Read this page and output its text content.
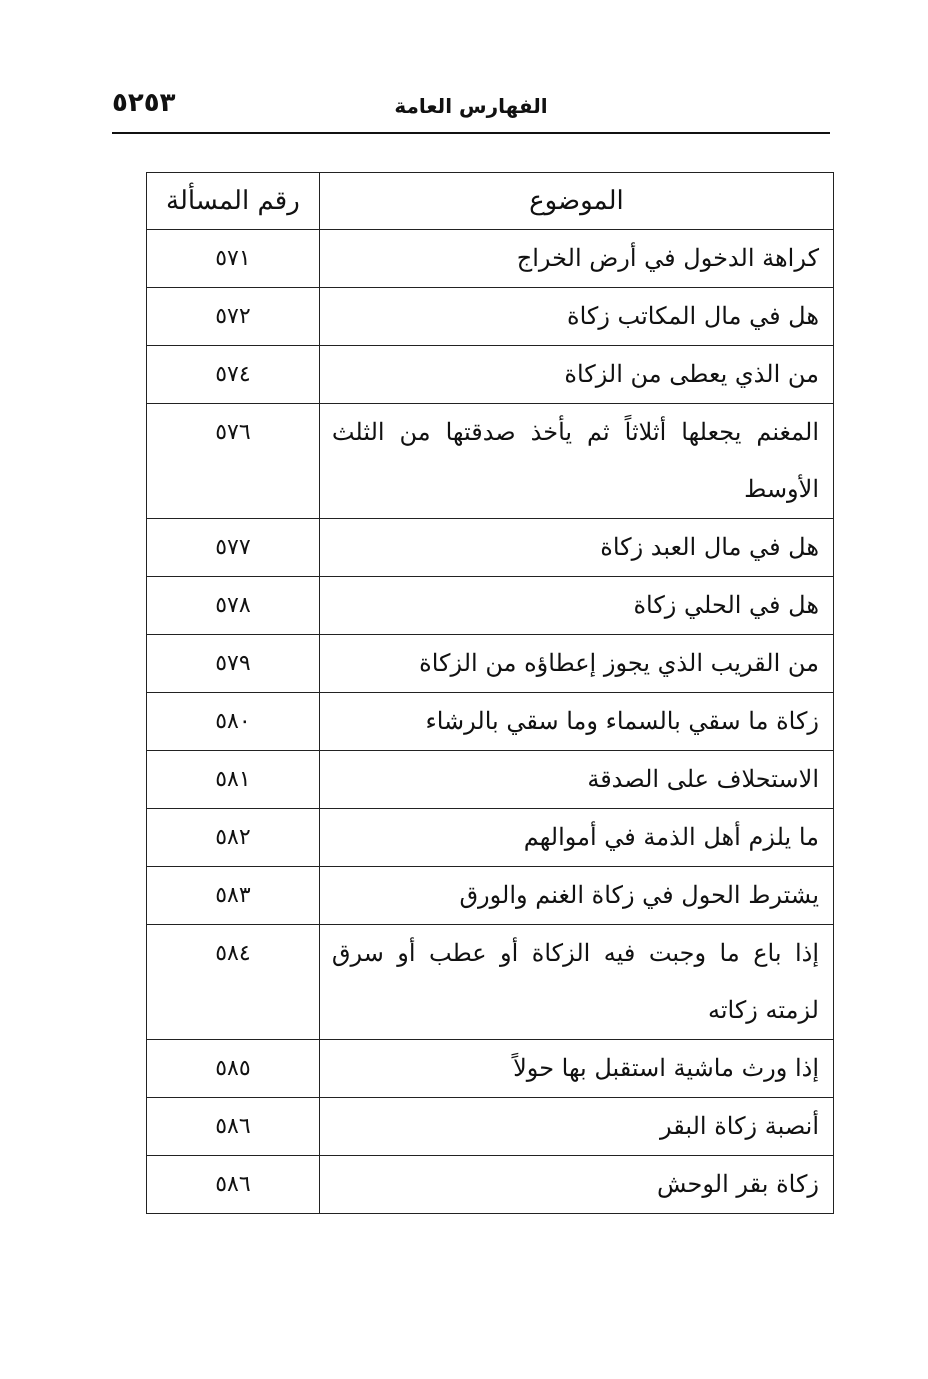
الفهارس العامة
٥٢٥٣
الموضوع	رقم المسألة
كراهة الدخول في أرض الخراج	٥٧١
هل في مال المكاتب زكاة	٥٧٢
من الذي يعطى من الزكاة	٥٧٤
المغنم يجعلها أثلاثاً ثم يأخذ صدقتها من الثلث الأوسط	٥٧٦
هل في مال العبد زكاة	٥٧٧
هل في الحلي زكاة	٥٧٨
من القريب الذي يجوز إعطاؤه من الزكاة	٥٧٩
زكاة ما سقي بالسماء وما سقي بالرشاء	٥٨٠
الاستحلاف على الصدقة	٥٨١
ما يلزم أهل الذمة في أموالهم	٥٨٢
يشترط الحول في زكاة الغنم والورق	٥٨٣
إذا باع ما وجبت فيه الزكاة أو عطب أو سرق لزمته زكاته	٥٨٤
إذا ورث ماشية استقبل بها حولاً	٥٨٥
أنصبة زكاة البقر	٥٨٦
زكاة بقر الوحش	٥٨٦
